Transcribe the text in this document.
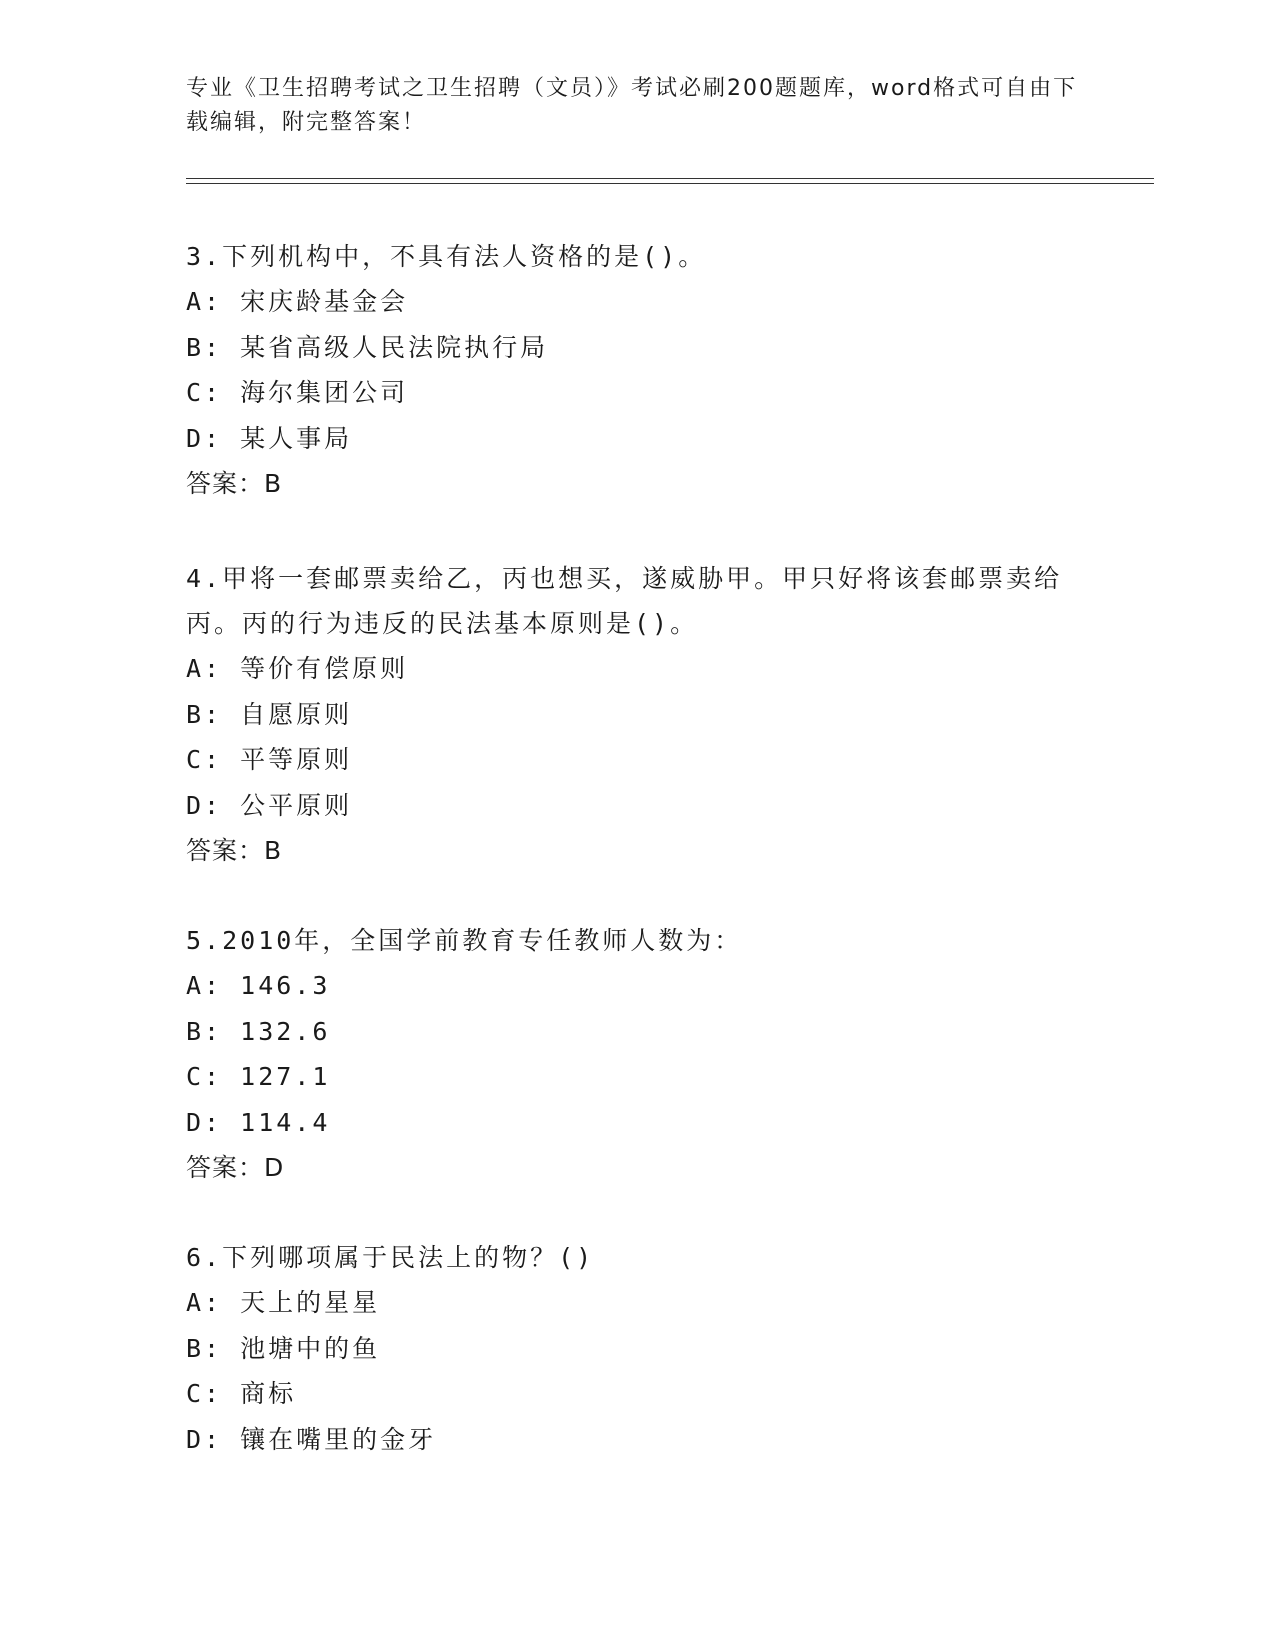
专业《卫生招聘考试之卫生招聘（文员）》考试必刷200题题库，word格式可自由下载编辑，附完整答案！

3.下列机构中，不具有法人资格的是()。

A: 宋庆龄基金会
B: 某省高级人民法院执行局
C: 海尔集团公司
D: 某人事局
答案：B

4.甲将一套邮票卖给乙，丙也想买，遂威胁甲。甲只好将该套邮票卖给丙。丙的行为违反的民法基本原则是()。

A: 等价有偿原则
B: 自愿原则
C: 平等原则
D: 公平原则
答案：B

5.2010年，全国学前教育专任教师人数为：

A: 146.3
B: 132.6
C: 127.1
D: 114.4
答案：D

6.下列哪项属于民法上的物？()

A: 天上的星星
B: 池塘中的鱼
C: 商标
D: 镶在嘴里的金牙
